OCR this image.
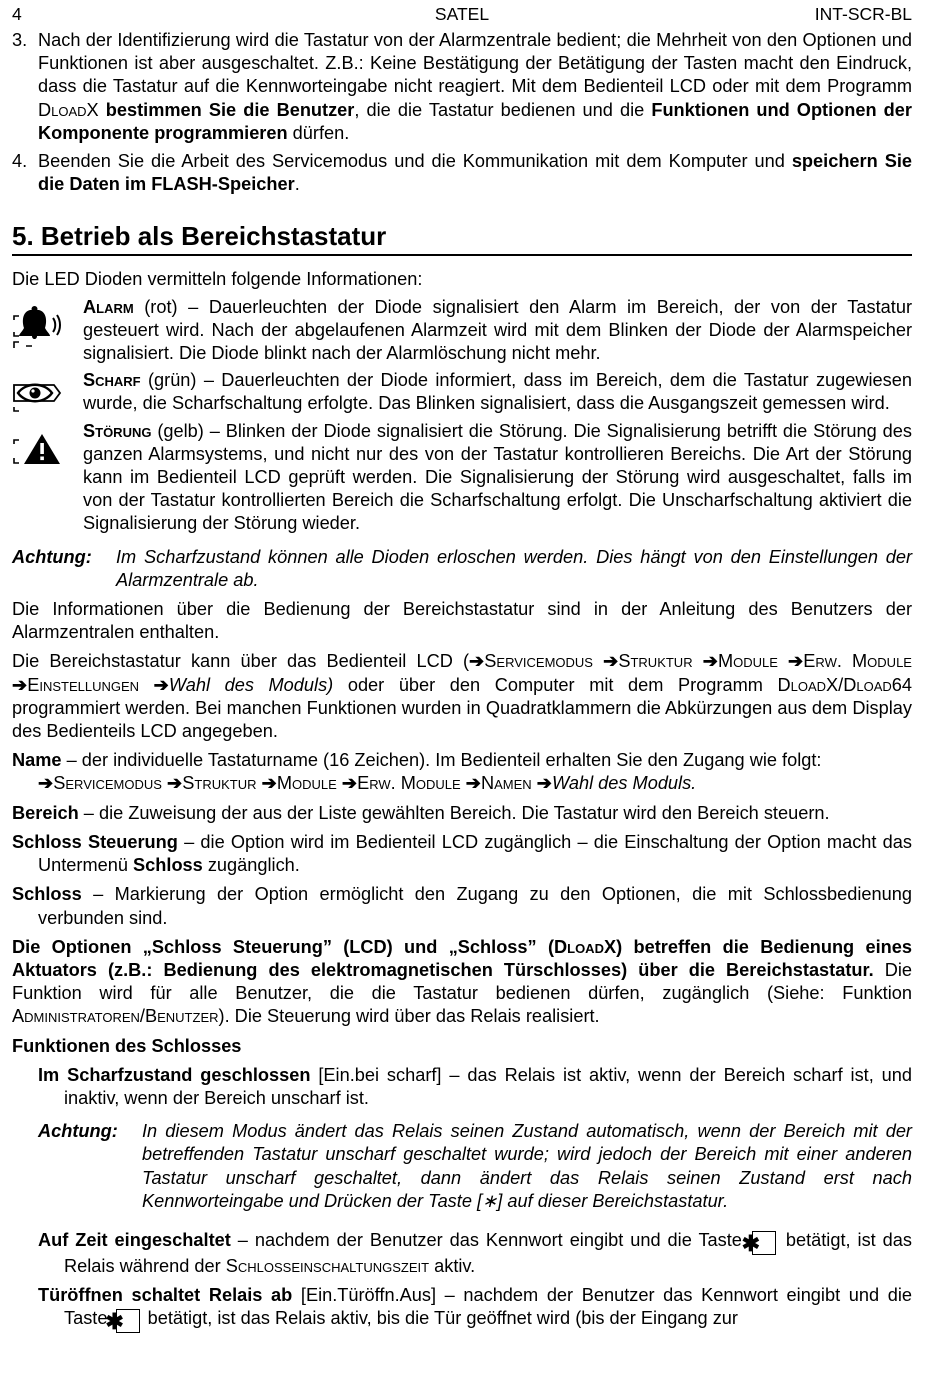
4	SATEL	INT-SCR-BL
3. Nach der Identifizierung wird die Tastatur von der Alarmzentrale bedient; die Mehrheit von den Optionen und Funktionen ist aber ausgeschaltet. Z.B.: Keine Bestätigung der Betätigung der Tasten macht den Eindruck, dass die Tastatur auf die Kennworteingabe nicht reagiert. Mit dem Bedienteil LCD oder mit dem Programm DloadX bestimmen Sie die Benutzer, die die Tastatur bedienen und die Funktionen und Optionen der Komponente programmieren dürfen.
4. Beenden Sie die Arbeit des Servicemodus und die Kommunikation mit dem Komputer und speichern Sie die Daten im FLASH-Speicher.
5. Betrieb als Bereichstastatur

Die LED Dioden vermitteln folgende Informationen:

Alarm (rot) – Dauerleuchten der Diode signalisiert den Alarm im Bereich, der von der Tastatur gesteuert wird. Nach der abgelaufenen Alarmzeit wird mit dem Blinken der Diode der Alarmspeicher signalisiert. Die Diode blinkt nach der Alarmlöschung nicht mehr.
Scharf (grün) – Dauerleuchten der Diode informiert, dass im Bereich, dem die Tastatur zugewiesen wurde, die Scharfschaltung erfolgte. Das Blinken signalisiert, dass die Ausgangszeit gemessen wird.
Störung (gelb) – Blinken der Diode signalisiert die Störung. Die Signalisierung betrifft die Störung des ganzen Alarmsystems, und nicht nur des von der Tastatur kontrollieren Bereichs. Die Art der Störung kann im Bedienteil LCD geprüft werden. Die Signalisierung der Störung wird ausgeschaltet, falls im von der Tastatur kontrollierten Bereich die Scharfschaltung erfolgt. Die Unscharfschaltung aktiviert die Signalisierung der Störung wieder.
Achtung: Im Scharfzustand können alle Dioden erloschen werden. Dies hängt von den Einstellungen der Alarmzentrale ab.

Die Informationen über die Bedienung der Bereichstastatur sind in der Anleitung des Benutzers der Alarmzentralen enthalten.

Die Bereichstastatur kann über das Bedienteil LCD (➔Servicemodus ➔Struktur ➔Module ➔Erw. Module ➔Einstellungen ➔Wahl des Moduls) oder über den Computer mit dem Programm DloadX/Dload64 programmiert werden. Bei manchen Funktionen wurden in Quadratklammern die Abkürzungen aus dem Display des Bedienteils LCD angegeben.

Name – der individuelle Tastaturname (16 Zeichen). Im Bedienteil erhalten Sie den Zugang wie folgt:

➔Servicemodus ➔Struktur ➔Module ➔Erw. Module ➔Namen ➔Wahl des Moduls.

Bereich – die Zuweisung der aus der Liste gewählten Bereich. Die Tastatur wird den Bereich steuern.

Schloss Steuerung – die Option wird im Bedienteil LCD zugänglich – die Einschaltung der Option macht das Untermenü Schloss zugänglich.

Schloss – Markierung der Option ermöglicht den Zugang zu den Optionen, die mit Schlossbedienung verbunden sind.

Die Optionen „Schloss Steuerung” (LCD) und „Schloss” (DloadX) betreffen die Bedienung eines Aktuators (z.B.: Bedienung des elektromagnetischen Türschlosses) über die Bereichstastatur. Die Funktion wird für alle Benutzer, die die Tastatur bedienen dürfen, zugänglich (Siehe: Funktion Administratoren/Benutzer). Die Steuerung wird über das Relais realisiert.

Funktionen des Schlosses

Im Scharfzustand geschlossen [Ein.bei scharf] – das Relais ist aktiv, wenn der Bereich scharf ist, und inaktiv, wenn der Bereich unscharf ist.

Achtung: In diesem Modus ändert das Relais seinen Zustand automatisch, wenn der Bereich mit der betreffenden Tastatur unscharf geschaltet wurde; wird jedoch der Bereich mit einer anderen Tastatur unscharf geschaltet, dann ändert das Relais seinen Zustand erst nach Kennworteingabe und Drücken der Taste [∗] auf dieser Bereichstastatur.

Auf Zeit eingeschaltet – nachdem der Benutzer das Kennwort eingibt und die Taste ✱ betätigt, ist das Relais während der Schlosseinschaltungszeit aktiv.

Türöffnen schaltet Relais ab [Ein.Türöffn.Aus] – nachdem der Benutzer das Kennwort eingibt und die Taste ✱ betätigt, ist das Relais aktiv, bis die Tür geöffnet wird (bis der Eingang zur
